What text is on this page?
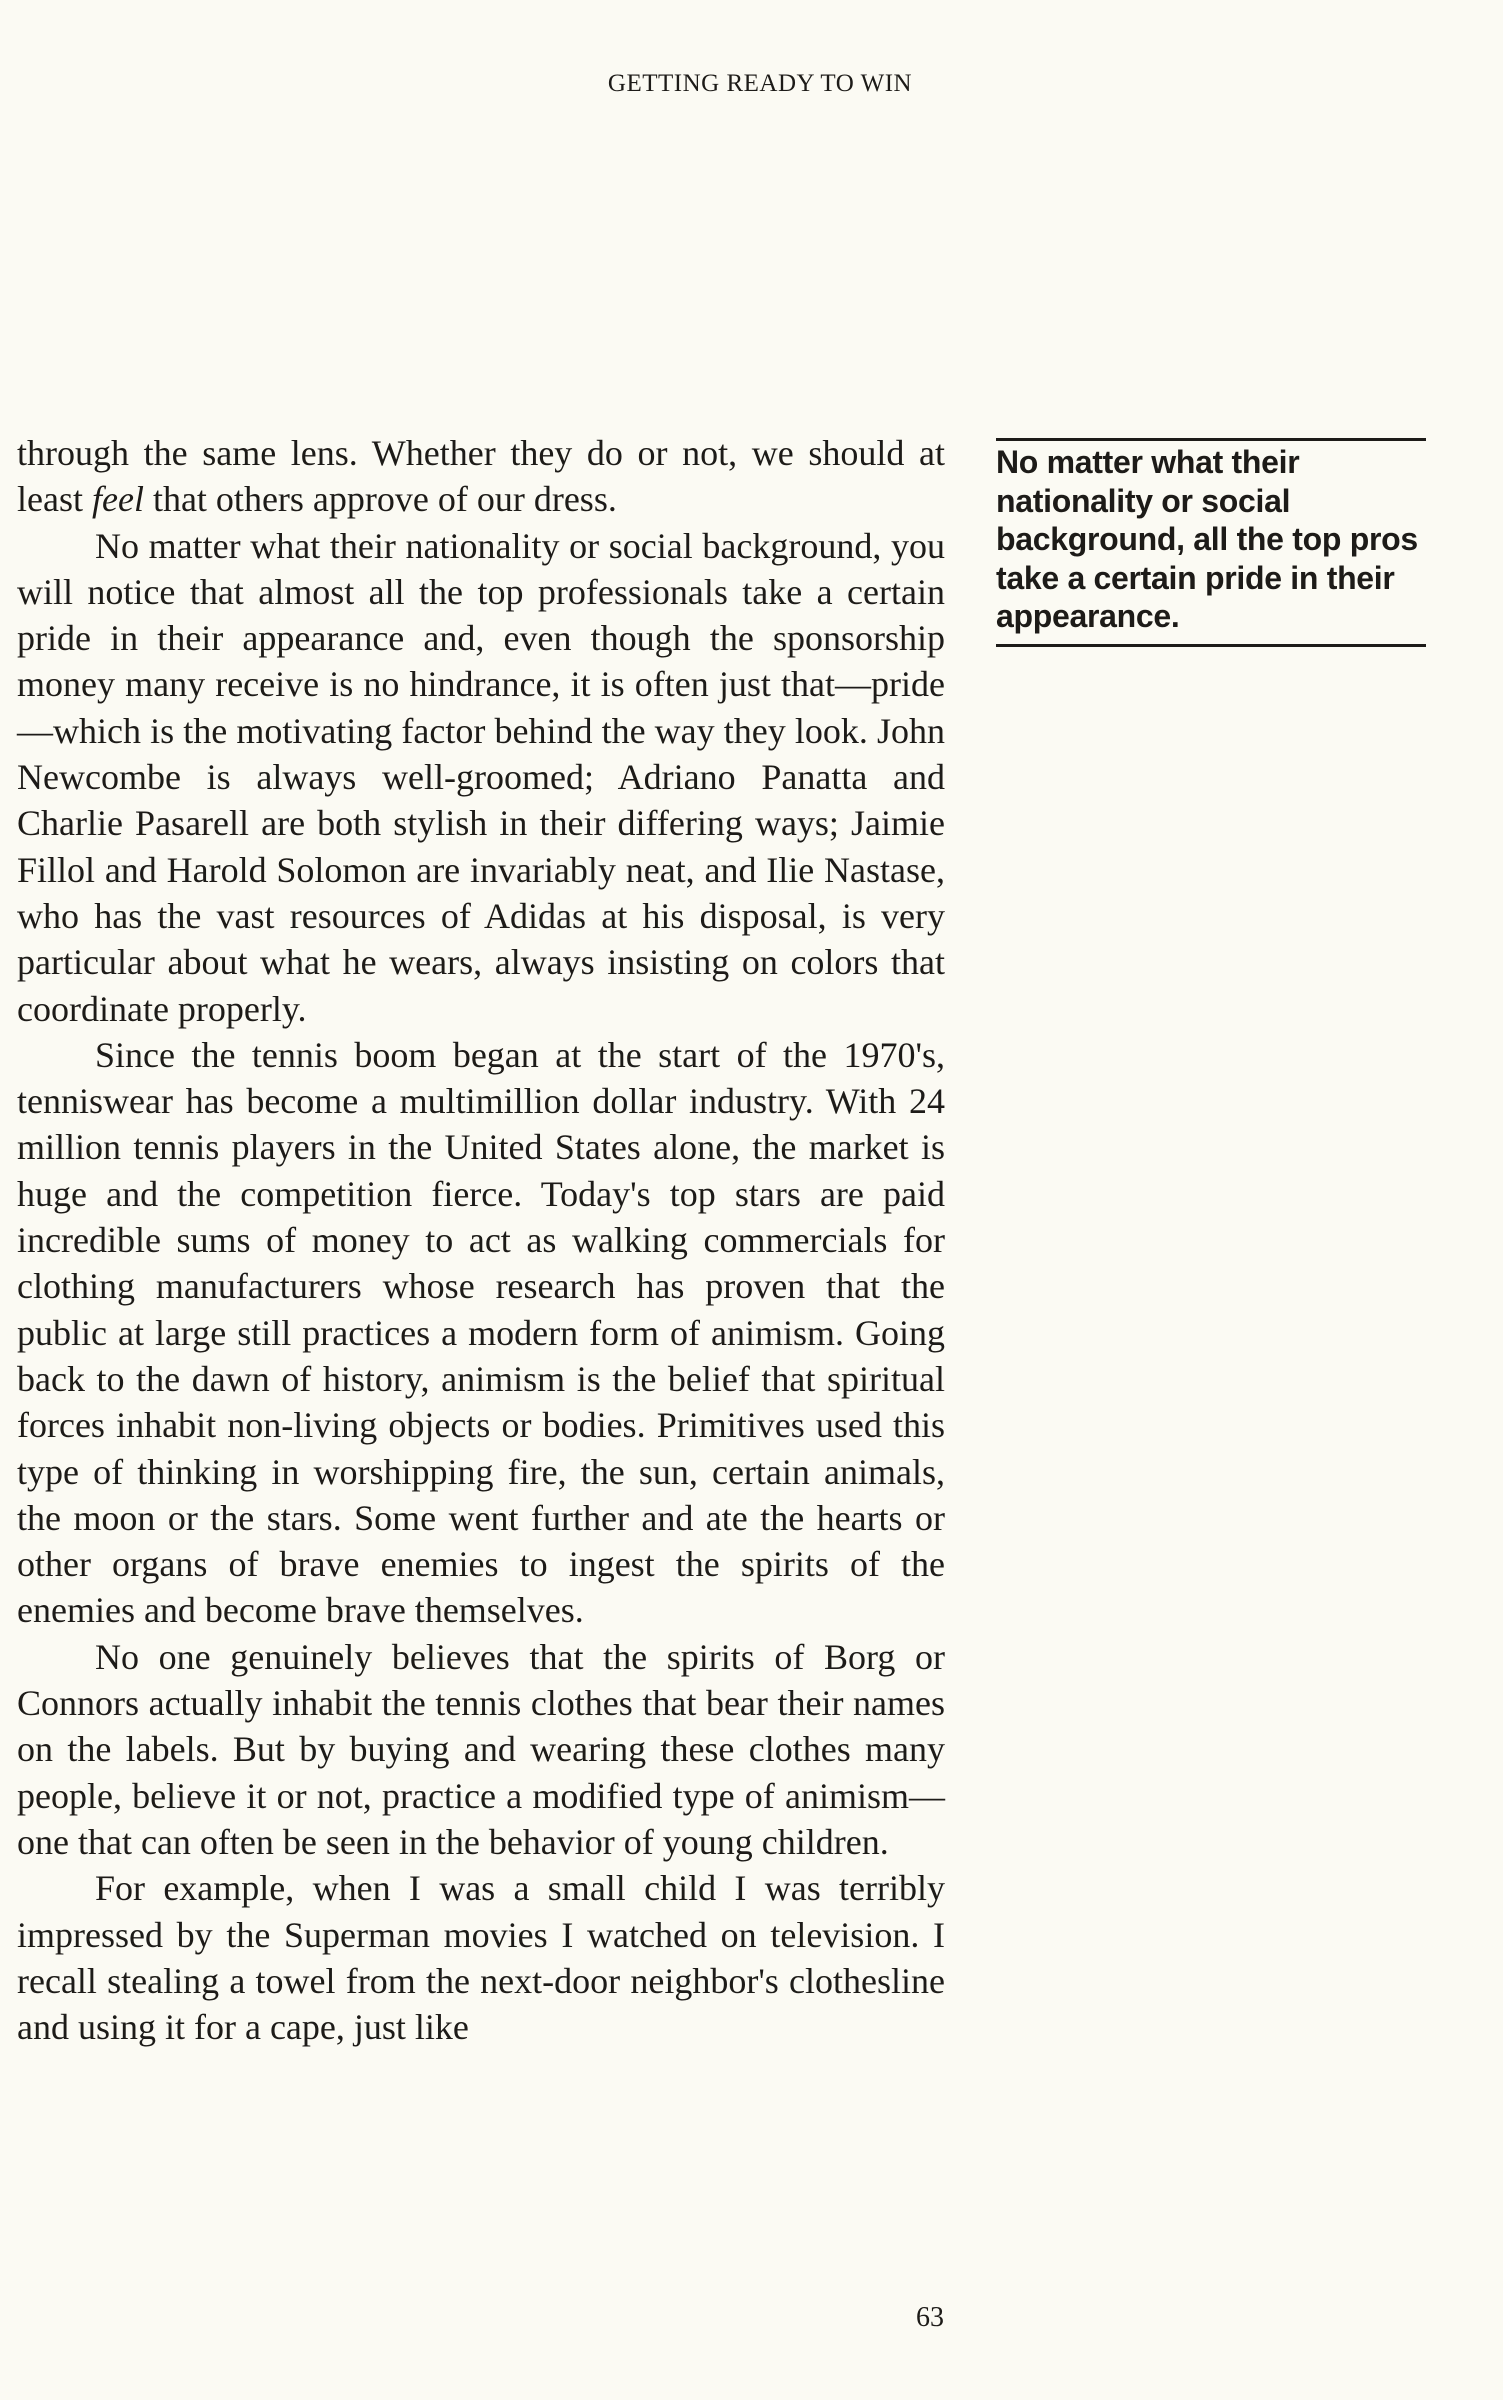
GETTING READY TO WIN

through the same lens. Whether they do or not, we should at least feel that others approve of our dress.

No matter what their nationality or social background, you will notice that almost all the top professionals take a certain pride in their appearance and, even though the sponsorship money many receive is no hindrance, it is often just that—pride—which is the motivating factor behind the way they look. John Newcombe is always well-groomed; Adriano Panatta and Charlie Pasarell are both stylish in their differing ways; Jaimie Fillol and Harold Solomon are invariably neat, and Ilie Nastase, who has the vast resources of Adidas at his disposal, is very particular about what he wears, always insisting on colors that coordinate properly.

Since the tennis boom began at the start of the 1970's, tenniswear has become a multimillion dollar industry. With 24 million tennis players in the United States alone, the market is huge and the competition fierce. Today's top stars are paid incredible sums of money to act as walking commercials for clothing manufacturers whose research has proven that the public at large still practices a modern form of animism. Going back to the dawn of history, animism is the belief that spiritual forces inhabit non-living objects or bodies. Primitives used this type of thinking in worshipping fire, the sun, certain animals, the moon or the stars. Some went further and ate the hearts or other organs of brave enemies to ingest the spirits of the enemies and become brave themselves.

No one genuinely believes that the spirits of Borg or Connors actually inhabit the tennis clothes that bear their names on the labels. But by buying and wearing these clothes many people, believe it or not, practice a modified type of animism—one that can often be seen in the behavior of young children.

For example, when I was a small child I was terribly impressed by the Superman movies I watched on television. I recall stealing a towel from the next-door neighbor's clothesline and using it for a cape, just like

No matter what their nationality or social background, all the top pros take a certain pride in their appearance.

63
